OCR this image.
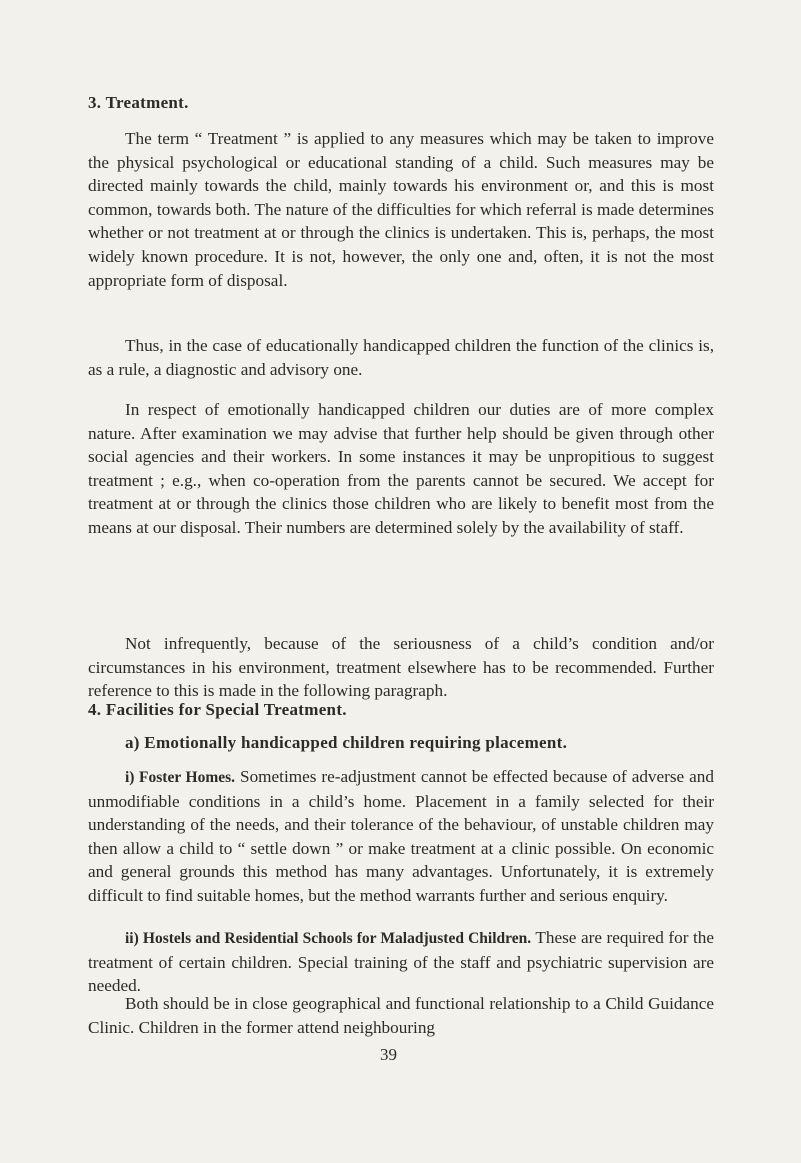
3. Treatment.

The term “ Treatment ” is applied to any measures which may be taken to improve the physical psychological or educational standing of a child. Such measures may be directed mainly towards the child, mainly towards his environment or, and this is most common, towards both. The nature of the difficulties for which referral is made determines whether or not treatment at or through the clinics is undertaken. This is, perhaps, the most widely known procedure. It is not, however, the only one and, often, it is not the most appropriate form of disposal.

Thus, in the case of educationally handicapped children the function of the clinics is, as a rule, a diagnostic and advisory one.

In respect of emotionally handicapped children our duties are of more complex nature. After examination we may advise that further help should be given through other social agencies and their workers. In some instances it may be unpropitious to suggest treatment ; e.g., when co-operation from the parents cannot be secured. We accept for treatment at or through the clinics those children who are likely to benefit most from the means at our disposal. Their numbers are determined solely by the availability of staff.

Not infrequently, because of the seriousness of a child’s condition and/or circumstances in his environment, treatment elsewhere has to be recommended. Further reference to this is made in the following paragraph.

4. Facilities for Special Treatment.
a) Emotionally handicapped children requiring placement.

i) Foster Homes. Sometimes re-adjustment cannot be effected because of adverse and unmodifiable conditions in a child’s home. Placement in a family selected for their understanding of the needs, and their tolerance of the behaviour, of unstable children may then allow a child to “ settle down ” or make treatment at a clinic possible. On economic and general grounds this method has many advantages. Unfortunately, it is extremely difficult to find suitable homes, but the method warrants further and serious enquiry.

ii) Hostels and Residential Schools for Maladjusted Children. These are required for the treatment of certain children. Special training of the staff and psychiatric supervision are needed.

Both should be in close geographical and functional relationship to a Child Guidance Clinic. Children in the former attend neighbouring

39
